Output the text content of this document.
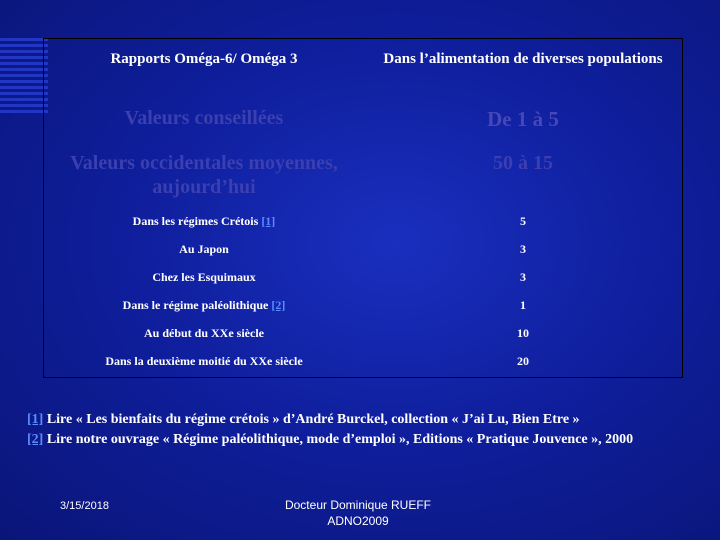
Rapports Oméga-6/ Oméga 3	Dans l’alimentation de diverses populations
Valeurs conseillées	De 1 à 5
Valeurs occidentales moyennes, aujourd’hui	50 à 15
Dans les régimes Crétois [1]	5
Au Japon	3
Chez les Esquimaux	3
Dans le régime paléolithique [2]	1
Au début du XXe siècle	10
Dans la deuxième moitié du XXe siècle	20
[1] Lire « Les bienfaits du régime crétois » d’André Burckel, collection « J’ai Lu, Bien Etre »
[2] Lire notre ouvrage « Régime paléolithique, mode d’emploi », Editions « Pratique Jouvence », 2000
3/15/2018	Docteur Dominique RUEFF
ADNO2009
